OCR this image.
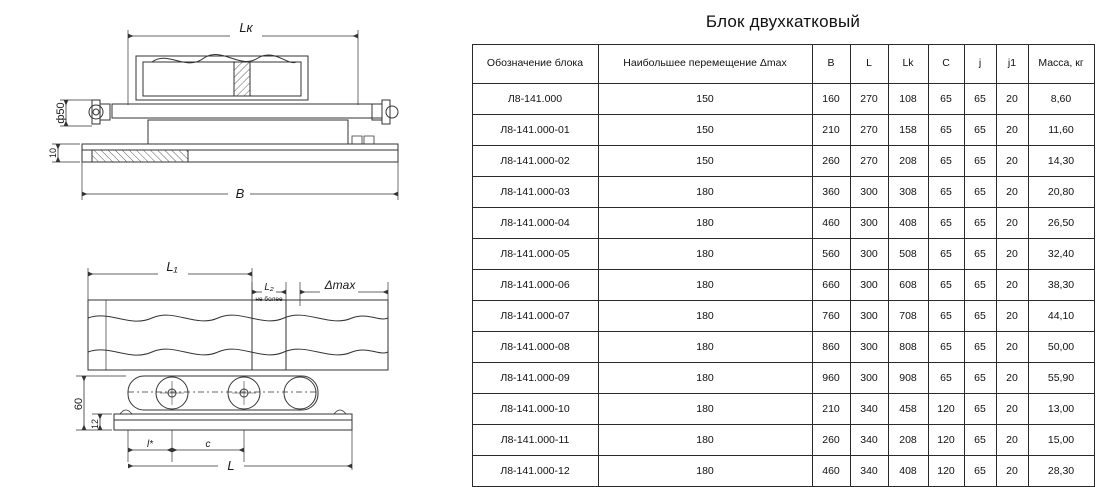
Lк
B
ф50
10
L₁
L₂
не более
Δmax
60
12
l*	c
L
Блок двухкатковый
Обозначение блока	Наибольшее перемещение Δmax	B	L	Lk	C	j	j1	Масса, кг
Л8-141.000	150	160	270	108	65	65	20	8,60
Л8-141.000-01	150	210	270	158	65	65	20	11,60
Л8-141.000-02	150	260	270	208	65	65	20	14,30
Л8-141.000-03	180	360	300	308	65	65	20	20,80
Л8-141.000-04	180	460	300	408	65	65	20	26,50
Л8-141.000-05	180	560	300	508	65	65	20	32,40
Л8-141.000-06	180	660	300	608	65	65	20	38,30
Л8-141.000-07	180	760	300	708	65	65	20	44,10
Л8-141.000-08	180	860	300	808	65	65	20	50,00
Л8-141.000-09	180	960	300	908	65	65	20	55,90
Л8-141.000-10	180	210	340	458	120	65	20	13,00
Л8-141.000-11	180	260	340	208	120	65	20	15,00
Л8-141.000-12	180	460	340	408	120	65	20	28,30
